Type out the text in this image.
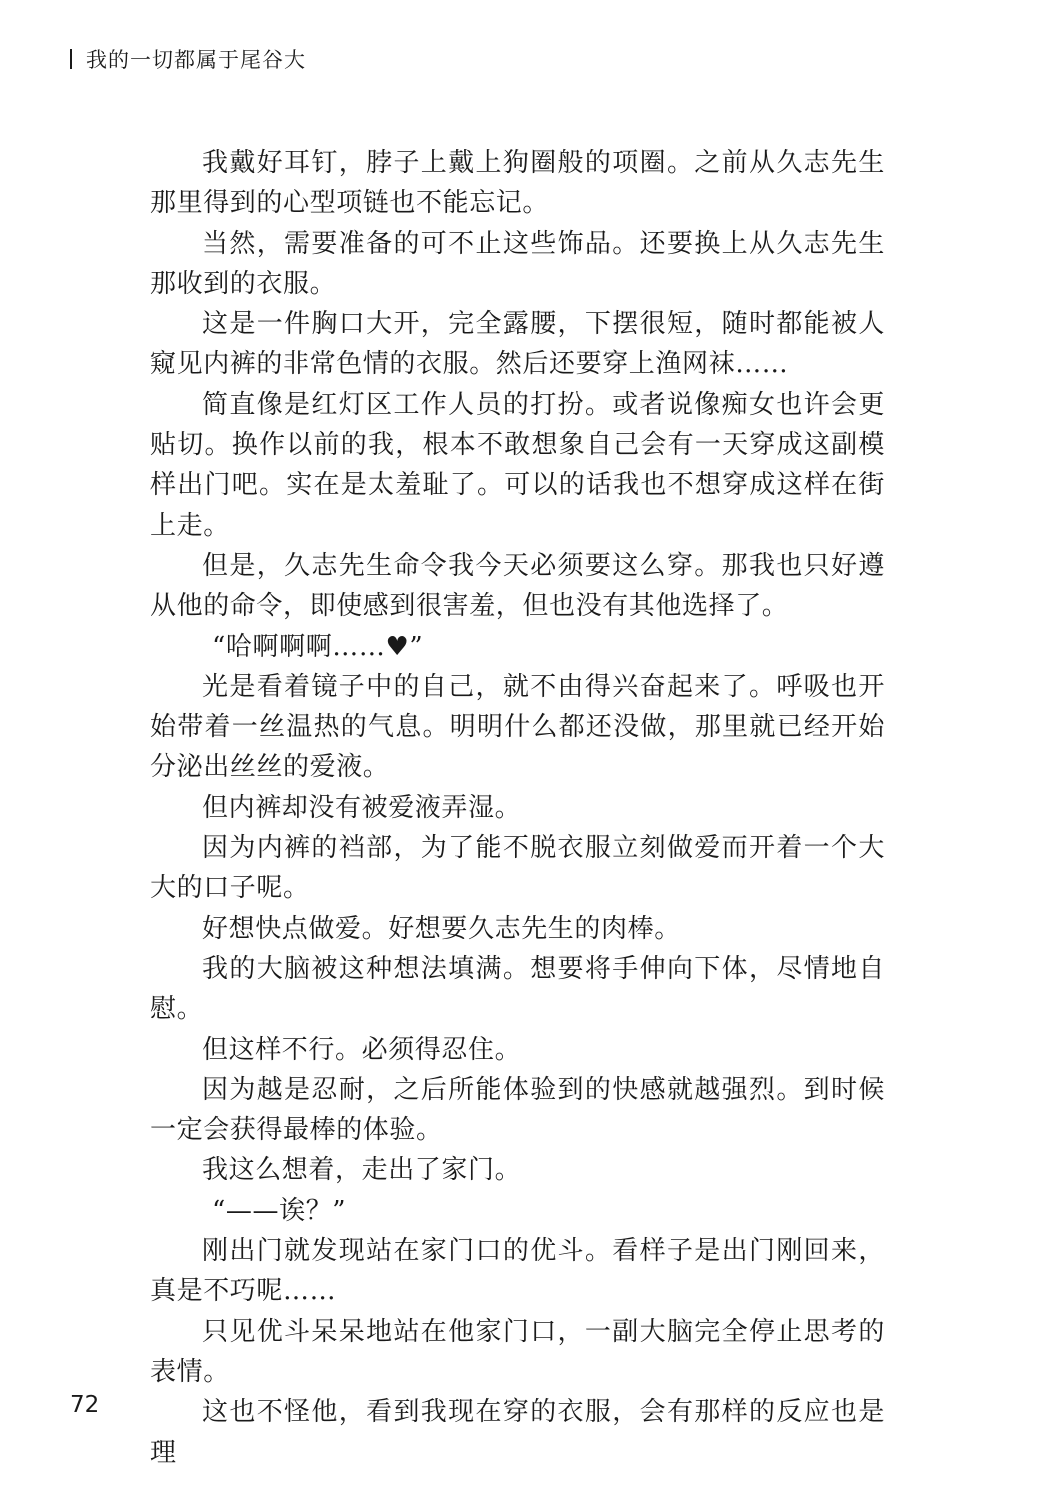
我的一切都属于尾谷大

我戴好耳钉，脖子上戴上狗圈般的项圈。之前从久志先生那里得到的心型项链也不能忘记。

当然，需要准备的可不止这些饰品。还要换上从久志先生那收到的衣服。

这是一件胸口大开，完全露腰，下摆很短，随时都能被人窥见内裤的非常色情的衣服。然后还要穿上渔网袜……

简直像是红灯区工作人员的打扮。或者说像痴女也许会更贴切。换作以前的我，根本不敢想象自己会有一天穿成这副模样出门吧。实在是太羞耻了。可以的话我也不想穿成这样在街上走。

但是，久志先生命令我今天必须要这么穿。那我也只好遵从他的命令，即使感到很害羞，但也没有其他选择了。

“哈啊啊啊……♥”

光是看着镜子中的自己，就不由得兴奋起来了。呼吸也开始带着一丝温热的气息。明明什么都还没做，那里就已经开始分泌出丝丝的爱液。

但内裤却没有被爱液弄湿。

因为内裤的裆部，为了能不脱衣服立刻做爱而开着一个大大的口子呢。

好想快点做爱。好想要久志先生的肉棒。

我的大脑被这种想法填满。想要将手伸向下体，尽情地自慰。

但这样不行。必须得忍住。

因为越是忍耐，之后所能体验到的快感就越强烈。到时候一定会获得最棒的体验。

我这么想着，走出了家门。

“——诶？”

刚出门就发现站在家门口的优斗。看样子是出门刚回来，真是不巧呢……

只见优斗呆呆地站在他家门口，一副大脑完全停止思考的表情。

这也不怪他，看到我现在穿的衣服，会有那样的反应也是理

72
